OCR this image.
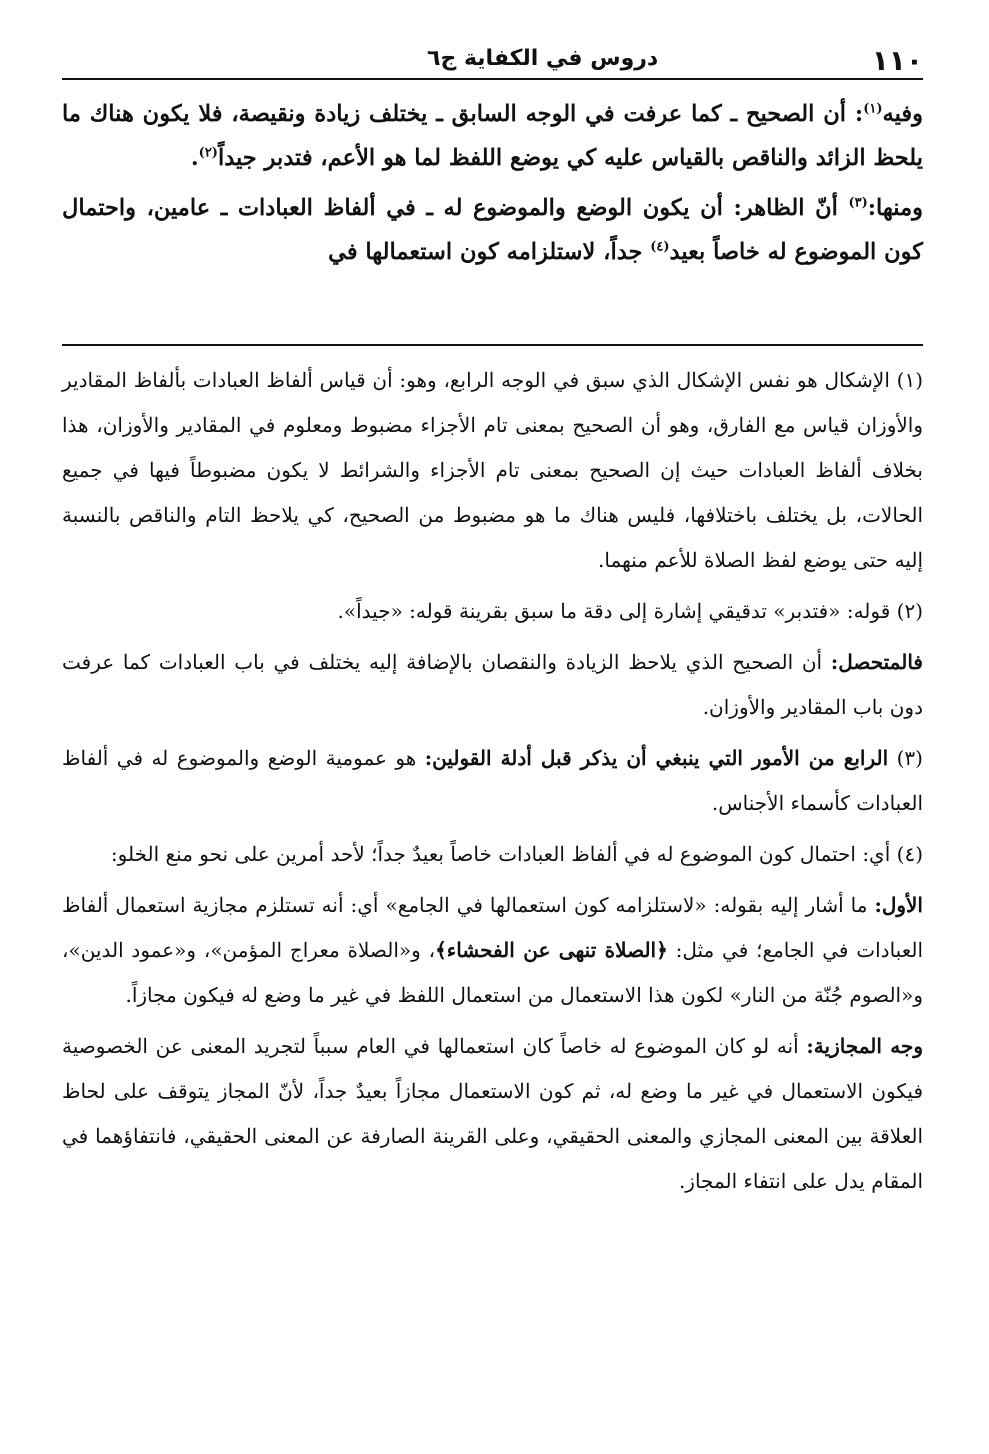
١١٠
دروس في الكفاية ج٦

وفيه$^{(١)}$: أن الصحيح ـ كما عرفت في الوجه السابق ـ يختلف زيادة ونقيصة، فلا يكون هناك ما يلحظ الزائد والناقص بالقياس عليه كي يوضع اللفظ لما هو الأعم، فتدبر جيداً$^{(٢)}$.

ومنها:$^{(٣)}$ أنّ الظاهر: أن يكون الوضع والموضوع له ـ في ألفاظ العبادات ـ عامين، واحتمال كون الموضوع له خاصاً بعيد$^{(٤)}$ جداً، لاستلزامه كون استعمالها في

(١) الإشكال هو نفس الإشكال الذي سبق في الوجه الرابع، وهو: أن قياس ألفاظ العبادات بألفاظ المقادير والأوزان قياس مع الفارق، وهو أن الصحيح بمعنى تام الأجزاء مضبوط ومعلوم في المقادير والأوزان، هذا بخلاف ألفاظ العبادات حيث إن الصحيح بمعنى تام الأجزاء والشرائط لا يكون مضبوطاً فيها في جميع الحالات، بل يختلف باختلافها، فليس هناك ما هو مضبوط من الصحيح، كي يلاحظ التام والناقص بالنسبة إليه حتى يوضع لفظ الصلاة للأعم منهما.

(٢) قوله: «فتدبر» تدقيقي إشارة إلى دقة ما سبق بقرينة قوله: «جيداً».

فالمتحصل: أن الصحيح الذي يلاحظ الزيادة والنقصان بالإضافة إليه يختلف في باب العبادات كما عرفت دون باب المقادير والأوزان.

(٣) الرابع من الأمور التي ينبغي أن يذكر قبل أدلة القولين: هو عمومية الوضع والموضوع له في ألفاظ العبادات كأسماء الأجناس.

(٤) أي: احتمال كون الموضوع له في ألفاظ العبادات خاصاً بعيدٌ جداً؛ لأحد أمرين على نحو منع الخلو:

الأول: ما أشار إليه بقوله: «لاستلزامه كون استعمالها في الجامع» أي: أنه تستلزم مجازية استعمال ألفاظ العبادات في الجامع؛ في مثل: ﴿الصلاة تنهى عن الفحشاء﴾، و«الصلاة معراج المؤمن»، و«عمود الدين»، و«الصوم جُنّة من النار» لكون هذا الاستعمال من استعمال اللفظ في غير ما وضع له فيكون مجازاً.

وجه المجازية: أنه لو كان الموضوع له خاصاً كان استعمالها في العام سبباً لتجريد المعنى عن الخصوصية فيكون الاستعمال في غير ما وضع له، ثم كون الاستعمال مجازاً بعيدٌ جداً، لأنّ المجاز يتوقف على لحاظ العلاقة بين المعنى المجازي والمعنى الحقيقي، وعلى القرينة الصارفة عن المعنى الحقيقي، فانتفاؤهما في المقام يدل على انتفاء المجاز.
